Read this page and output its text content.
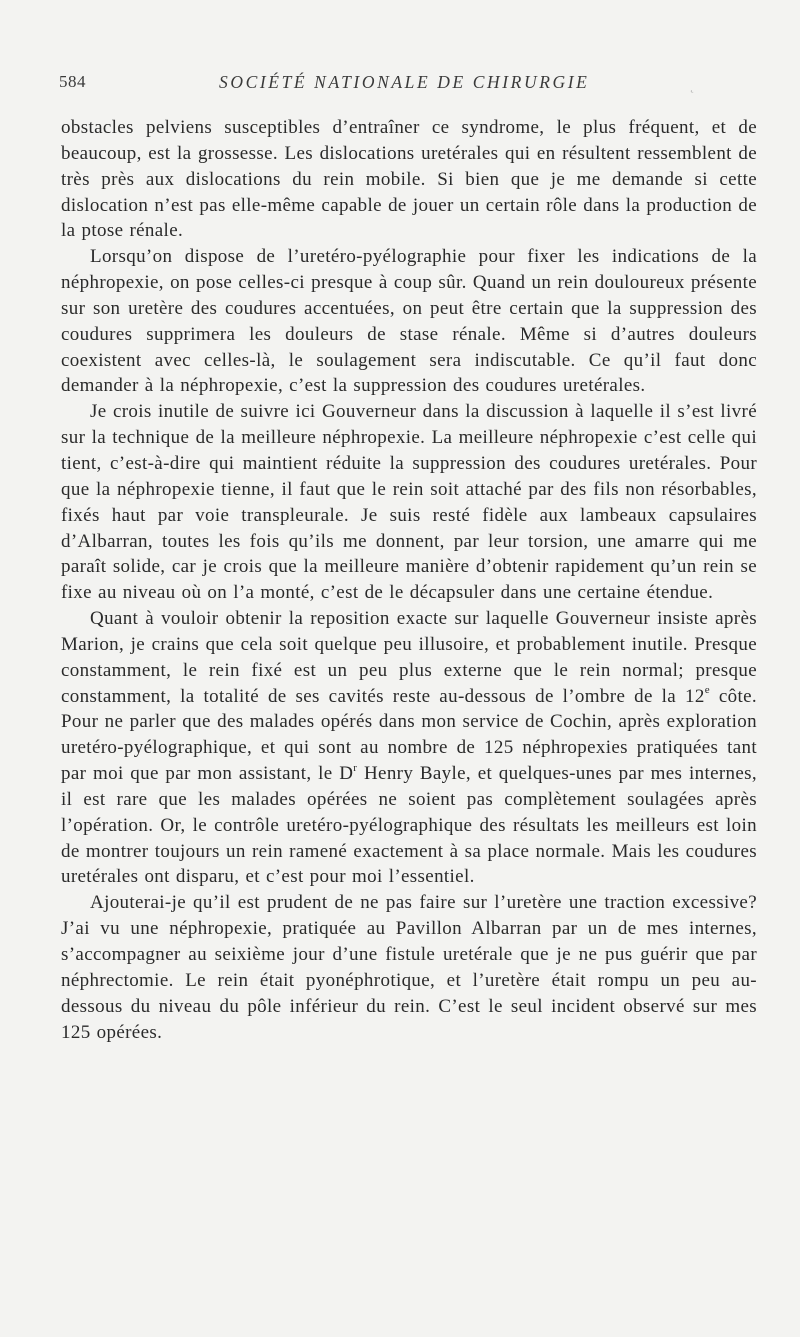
584	SOCIÉTÉ NATIONALE DE CHIRURGIE

obstacles pelviens susceptibles d’entraîner ce syndrome, le plus fréquent, et de beaucoup, est la grossesse. Les dislocations uretérales qui en résultent ressemblent de très près aux dislocations du rein mobile. Si bien que je me demande si cette dislocation n’est pas elle-même capable de jouer un certain rôle dans la production de la ptose rénale.

Lorsqu’on dispose de l’uretéro-pyélographie pour fixer les indications de la néphropexie, on pose celles-ci presque à coup sûr. Quand un rein douloureux présente sur son uretère des coudures accentuées, on peut être certain que la suppression des coudures supprimera les douleurs de stase rénale. Même si d’autres douleurs coexistent avec celles-là, le soulagement sera indiscutable. Ce qu’il faut donc demander à la néphropexie, c’est la suppression des coudures uretérales.

Je crois inutile de suivre ici Gouverneur dans la discussion à laquelle il s’est livré sur la technique de la meilleure néphropexie. La meilleure néphropexie c’est celle qui tient, c’est-à-dire qui maintient réduite la suppression des coudures uretérales. Pour que la néphropexie tienne, il faut que le rein soit attaché par des fils non résorbables, fixés haut par voie transpleurale. Je suis resté fidèle aux lambeaux capsulaires d’Albarran, toutes les fois qu’ils me donnent, par leur torsion, une amarre qui me paraît solide, car je crois que la meilleure manière d’obtenir rapidement qu’un rein se fixe au niveau où on l’a monté, c’est de le décapsuler dans une certaine étendue.

Quant à vouloir obtenir la reposition exacte sur laquelle Gouverneur insiste après Marion, je crains que cela soit quelque peu illusoire, et probablement inutile. Presque constamment, le rein fixé est un peu plus externe que le rein normal; presque constamment, la totalité de ses cavités reste au-dessous de l’ombre de la 12e côte. Pour ne parler que des malades opérés dans mon service de Cochin, après exploration uretéro-pyélographique, et qui sont au nombre de 125 néphropexies pratiquées tant par moi que par mon assistant, le $D^r$ Henry Bayle, et quelques-unes par mes internes, il est rare que les malades opérées ne soient pas complètement soulagées après l’opération. Or, le contrôle uretéro-pyélographique des résultats les meilleurs est loin de montrer toujours un rein ramené exactement à sa place normale. Mais les coudures uretérales ont disparu, et c’est pour moi l’essentiel.

Ajouterai-je qu’il est prudent de ne pas faire sur l’uretère une traction excessive? J’ai vu une néphropexie, pratiquée au Pavillon Albarran par un de mes internes, s’accompagner au seixième jour d’une fistule uretérale que je ne pus guérir que par néphrectomie. Le rein était pyonéphrotique, et l’uretère était rompu un peu au-dessous du niveau du pôle inférieur du rein. C’est le seul incident observé sur mes 125 opérées.

˛
